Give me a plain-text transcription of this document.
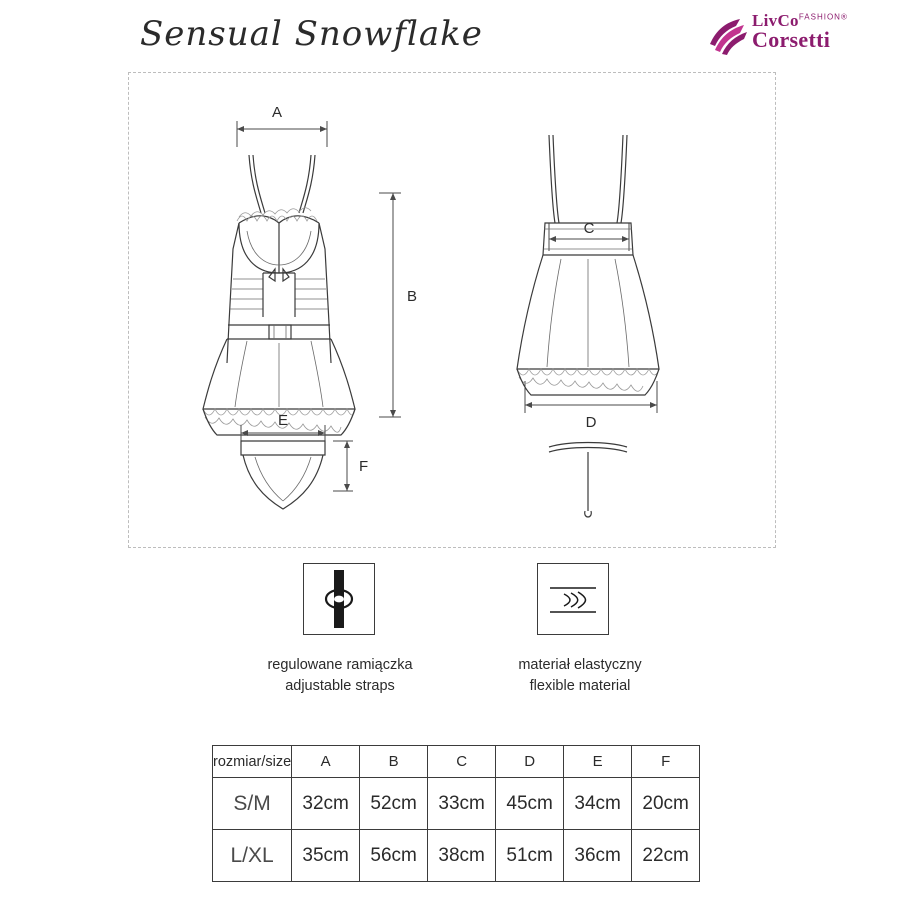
Sensual Snowflake	LivCo$^{FASHION®}$
Corsetti
A
B
E
F
C
D
regulowane ramiączka
adjustable straps
materiał elastyczny
flexible material
rozmiar/size	A	B	C	D	E	F
S/M	32cm	52cm	33cm	45cm	34cm	20cm
L/XL	35cm	56cm	38cm	51cm	36cm	22cm
